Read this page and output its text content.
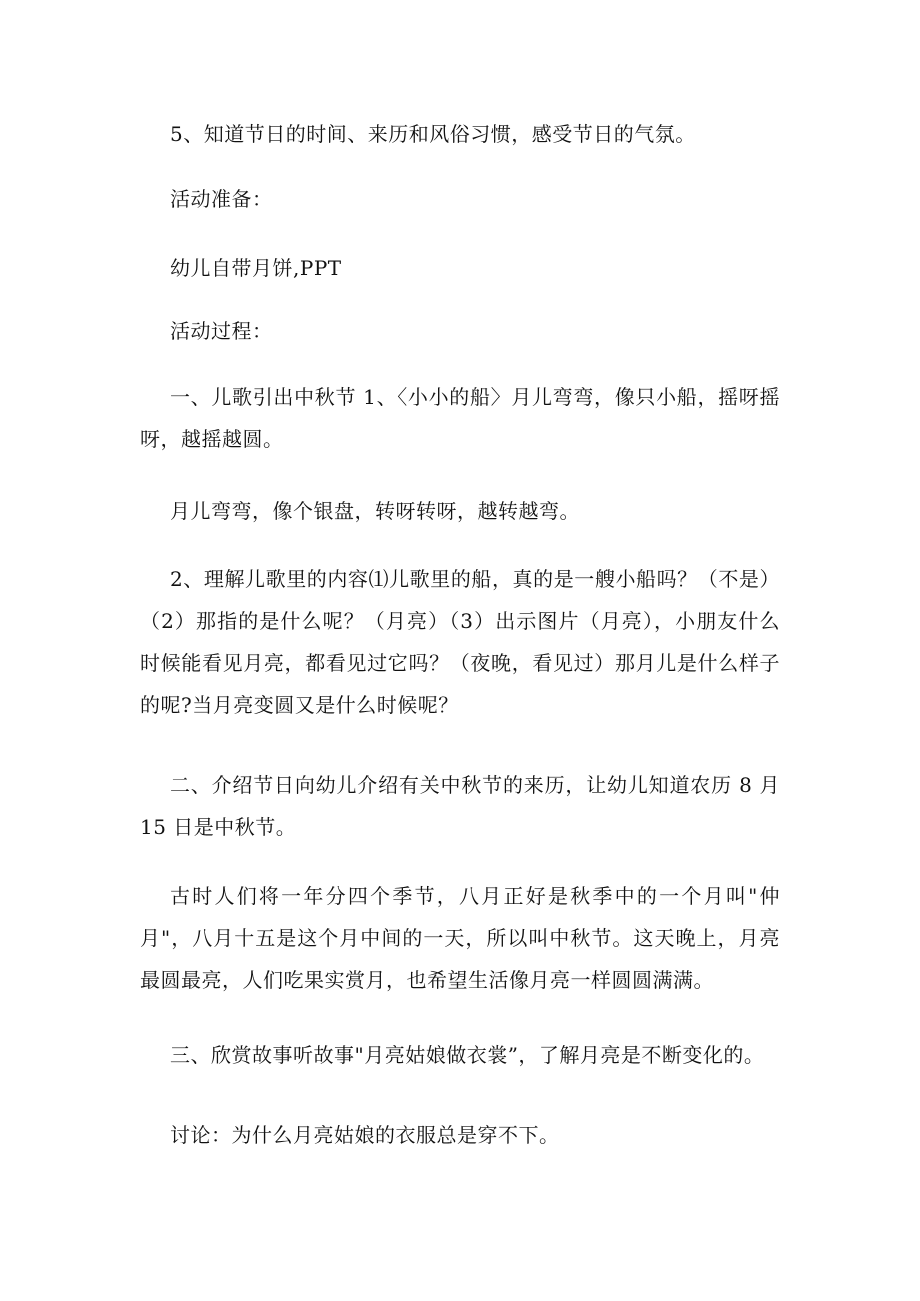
5、知道节日的时间、来历和风俗习惯，感受节日的气氛。

活动准备：

幼儿自带月饼,PPT

活动过程：

一、儿歌引出中秋节 1、〈小小的船〉月儿弯弯，像只小船，摇呀摇呀，越摇越圆。

月儿弯弯，像个银盘，转呀转呀，越转越弯。

2、理解儿歌里的内容⑴儿歌里的船，真的是一艘小船吗？（不是）（2）那指的是什么呢？（月亮）（3）出示图片（月亮），小朋友什么时候能看见月亮，都看见过它吗？（夜晚，看见过）那月儿是什么样子的呢?当月亮变圆又是什么时候呢？

二、介绍节日向幼儿介绍有关中秋节的来历，让幼儿知道农历 8 月 15 日是中秋节。

古时人们将一年分四个季节，八月正好是秋季中的一个月叫"仲月"，八月十五是这个月中间的一天，所以叫中秋节。这天晚上，月亮最圆最亮，人们吃果实赏月，也希望生活像月亮一样圆圆满满。

三、欣赏故事听故事"月亮姑娘做衣裳”，了解月亮是不断变化的。

讨论：为什么月亮姑娘的衣服总是穿不下。
